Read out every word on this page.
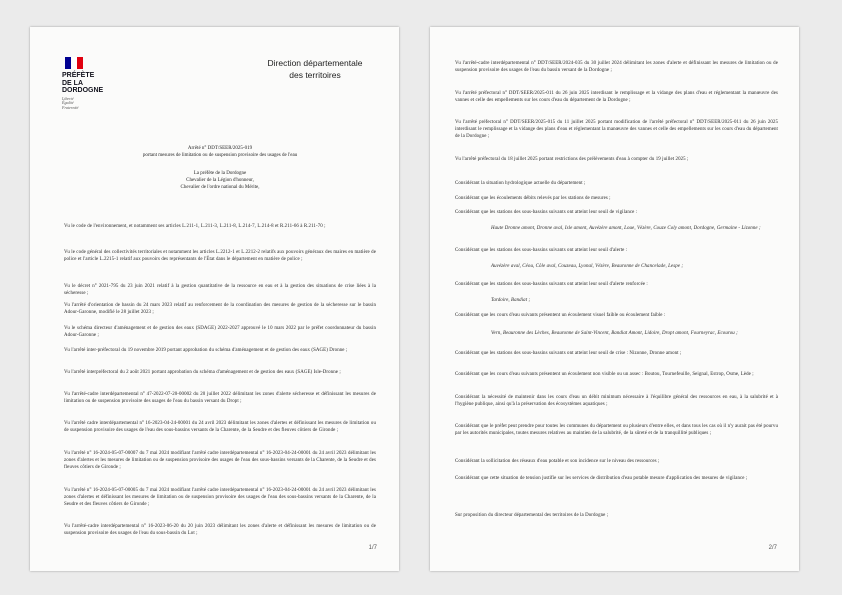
PRÉFÈTE
DE LA
DORDOGNE
Liberté
Égalité
Fraternité
Direction départementale
des territoires
Arrêté n° DDT/SEER/2025-019
portant mesures de limitation ou de suspension provisoire des usages de l'eau
La préfète de la Dordogne
Chevalier de la Légion d'honneur,
Chevalier de l'ordre national du Mérite,
Vu le code de l'environnement, et notamment ses articles L.211-1, L.211-3, L.211-8, L.214-7, L.214-8 et R.211-66 à R.211-70 ;
Vu le code général des collectivités territoriales et notamment les articles L.2212-1 et L.2212-2 relatifs aux pouvoirs généraux des maires en matière de police et l'article L.2215-1 relatif aux pouvoirs des représentants de l'État dans le département en matière de police ;
Vu le décret n° 2021-795 du 23 juin 2021 relatif à la gestion quantitative de la ressource en eau et à la gestion des situations de crise liées à la sécheresse ;
Vu l'arrêté d'orientation de bassin du 24 mars 2023 relatif au renforcement de la coordination des mesures de gestion de la sécheresse sur le bassin Adour-Garonne, modifié le 28 juillet 2023 ;
Vu le schéma directeur d'aménagement et de gestion des eaux (SDAGE) 2022-2027 approuvé le 10 mars 2022 par le préfet coordonnateur du bassin Adour-Garonne ;
Vu l'arrêté inter-préfectoral du 19 novembre 2019 portant approbation du schéma d'aménagement et de gestion des eaux (SAGE) Dronne ;
Vu l'arrêté interpréfectoral du 2 août 2021 portant approbation du schéma d'aménagement et de gestion des eaux (SAGE) Isle-Dronne ;
Vu l'arrêté-cadre interdépartemental n° 47-2022-07-20-00002 du 20 juillet 2022 délimitant les zones d'alerte sécheresse et définissant les mesures de limitation ou de suspension provisoire des usages de l'eau du bassin versant du Dropt ;
Vu l'arrêté cadre interdépartemental n° 16-2023-04-24-00001 du 24 avril 2023 délimitant les zones d'alertes et définissant les mesures de limitation ou de suspension provisoire des usages de l'eau des sous-bassins versants de la Charente, de la Seudre et des fleuves côtiers de Gironde ;
Vu l'arrêté n° 16-2024-05-07-00007 du 7 mai 2024 modifiant l'arrêté cadre interdépartemental n° 16-2023-04-24-00001 du 24 avril 2023 délimitant les zones d'alertes et les mesures de limitation ou de suspension provisoire des usages de l'eau des sous-bassins versants de la Charente, de la Seudre et des fleuves côtiers de Gironde ;
Vu l'arrêté n° 16-2024-05-07-00005 du 7 mai 2024 modifiant l'arrêté cadre interdépartemental n° 16-2023-04-24-00001 du 24 avril 2023 délimitant les zones d'alertes et définissant les mesures de limitation ou de suspension provisoire des usages de l'eau des sous-bassins versants de la Charente, de la Seudre et des fleuves côtiers de Gironde ;
Vu l'arrêté-cadre interdépartemental n° 16-2023-06-20 du 20 juin 2023 délimitant les zones d'alerte et définissant les mesures de limitation ou de suspension provisoire des usages de l'eau du sous-bassin du Lot ;
1/7
Vu l'arrêté-cadre interdépartemental n° DDT/SEER/2024-035 du 30 juillet 2024 délimitant les zones d'alerte et définissant les mesures de limitation ou de suspension provisoire des usages de l'eau du bassin versant de la Dordogne ;
Vu l'arrêté préfectoral n° DDT/SEER/2025-011 du 26 juin 2025 interdisant le remplissage et la vidange des plans d'eau et réglementant la manœuvre des vannes et celle des empellements sur les cours d'eau du département de la Dordogne ;
Vu l'arrêté préfectoral n° DDT/SEER/2025-015 du 11 juillet 2025 portant modification de l'arrêté préfectoral n° DDT/SEER/2025-011 du 26 juin 2025 interdisant le remplissage et la vidange des plans d'eau et réglementant la manœuvre des vannes et celle des empellements sur les cours d'eau du département de la Dordogne ;
Vu l'arrêté préfectoral du 18 juillet 2025 portant restrictions des prélèvements d'eau à compter du 19 juillet 2025 ;
Considérant la situation hydrologique actuelle du département ;
Considérant que les écoulements débits relevés par les stations de mesures ;
Considérant que les stations des sous-bassins suivants ont atteint leur seuil de vigilance :
Haute Dronne amont, Dronne aval, Isle amont, Auvézère amont, Loue, Vézère, Couze Coly amont, Dordogne, Germaine - Lizonne ;
Considérant que les stations des sous-bassins suivants ont atteint leur seuil d'alerte :
Auvézère aval, Céou, Côle aval, Couzeau, Lyonal, Vézère, Beauronne de Chancelade, Lespe ;
Considérant que les stations des sous-bassins suivants ont atteint leur seuil d'alerte renforcée :
Tardoire, Bandiat ;
Considérant que les cours d'eau suivants présentent un écoulement visuel faible ou écoulement faible :
Vern, Beauronne des Lèches, Beauronne de Saint-Vincent, Bandiat Amont, Lidoire, Dropt amont, Fourneyrac, Ecourou ;
Considérant que les stations des sous-bassins suivants ont atteint leur seuil de crise : Nizonne, Dronne amont ;
Considérant que les cours d'eau suivants présentent un écoulement non visible ou un assec : Boutou, Tournefeuille, Seignal, Estrop, Osme, Lède ;
Considérant la nécessité de maintenir dans les cours d'eau un débit minimum nécessaire à l'équilibre général des ressources en eau, à la salubrité et à l'hygiène publique, ainsi qu'à la préservation des écosystèmes aquatiques ;
Considérant que le préfet peut prendre pour toutes les communes du département ou plusieurs d'entre elles, et dans tous les cas où il n'y aurait pas été pourvu par les autorités municipales, toutes mesures relatives au maintien de la salubrité, de la sûreté et de la tranquillité publiques ;
Considérant la sollicitation des réseaux d'eau potable et son incidence sur le niveau des ressources ;
Considérant que cette situation de tension justifie sur les services de distribution d'eau potable mesure d'application des mesures de vigilance ;
Sur proposition du directeur départemental des territoires de la Dordogne ;
2/7
